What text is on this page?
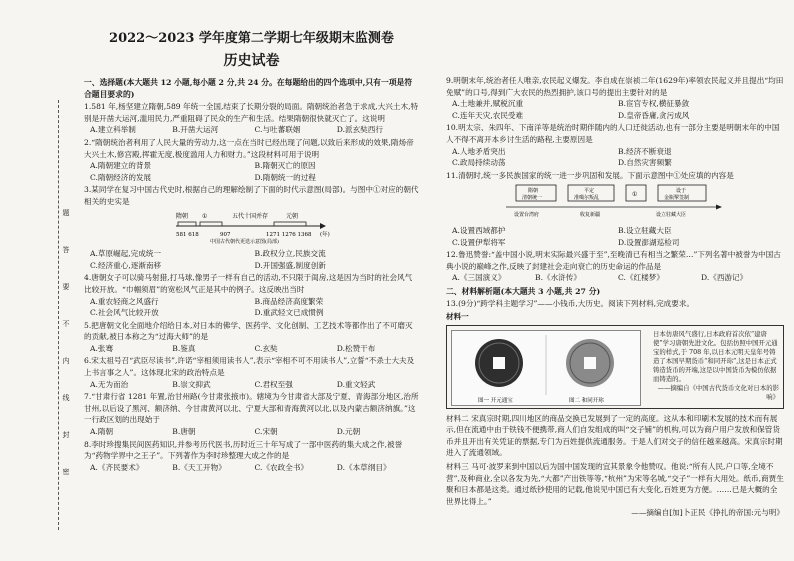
题
答
要
不
内
线
封
密
2022～2023 学年度第二学期七年级期末监测卷
历史试卷
一、选择题(本大题共 12 小题,每小题 2 分,共 24 分。在每题给出的四个选项中,只有一项是符合题目要求的)
1.581 年,杨坚建立隋朝,589 年统一全国,结束了长期分裂的局面。隋朝统治者急于求成,大兴土木,特别是开凿大运河,滥用民力,严重阻碍了民众的生产和生活。结果隋朝很快就灭亡了。这说明
A.建立科举制	B.开凿大运河	C.与吐蕃联姻	D.派玄奘西行
2.“隋朝统治者利用了人民大量的劳动力,这一点在当时已经出现了问题,以致后来形成的效果,隋炀帝大兴土木,修宫殿,挥霍无度,极度滥用人力和财力。”这段材料可用于说明
A.隋朝建立的背景	B.隋朝灭亡的原因
C.隋朝经济的发展	D.隋朝统一的过程
3.某同学在复习中国古代史时,根据自己的理解绘制了下面的时代示意图(局部)。与图中①对应的朝代相关的史实是
隋朝 ①	五代十国并存	元朝
581 618	907	1271 1276 1368 (年)
中国古代朝代更迭示意图(局部)
A.草原崛起,完成统一	B.政权分立,民族交流
C.经济重心,逐渐南移	D.开国强盛,制度创新
4.唐朝女子可以骑马射猎,打马球,像男子一样有自己的活动,不只限于闺房,这是因为当时的社会风气比较开放。“巾帼须眉”的宽松风气正是其中的例子。这反映出当时
A.重农轻商之风盛行	B.商品经济高度繁荣
C.社会风气比较开放	D.重武轻文已成惯例
5.把唐朝文化全面地介绍给日本,对日本的佛学、医药学、文化创制、工艺技术等都作出了不可磨灭的贡献,被日本称之为“过海大师”的是
A.张骞	B.鉴真	C.玄奘	D.松赞干布
6.宋太祖号召“武臣尽读书”,许诺“宰相须用读书人”,表示“宰相不可不用读书人”,立誓“不杀士大夫及上书言事之人”。这体现北宋的政治特点是
A.无为而治	B.崇文抑武	C.君权至强	D.重文轻武
7.“甘肃行省 1281 年置,治甘州路(今甘肃张掖市)。辖境为今甘肃省大部及宁夏、青海部分地区,治所甘州,以后设了黑河、额济纳、今甘肃黄河以北、宁夏大部和青海黄河以北,以及内蒙古额济纳旗。”这一行政区划的出现始于
A.隋朝	B.唐朝	C.宋朝	D.元朝
8.李时珍搜集民间医药知识,并参考历代医书,历时近三十年写成了一部中医药的集大成之作,被誉为“药物学界中之王子”。下列著作为李时珍整理大成之作的是
A.《齐民要术》	B.《天工开物》	C.《农政全书》	D.《本草纲目》
9.明朝末年,统治者任人唯亲,农民起义爆发。李自成在崇祯二年(1629年)率领农民起义并且提出“均田免赋”的口号,得到广大农民的热烈拥护,该口号的提出主要针对的是
A.土地兼并,赋税沉重	B.宦官专权,横征暴敛
C.连年天灾,农民受难	D.皇帝昏庸,贪污成风
10.明太宗、朱四年、下南洋等是统治时期伴随内的人口迁徙活动,也有一部分主要是明朝末年的中国人不得不离开本乡讨生活的路程,主要原因是
A.人地矛盾突出	B.经济不断衰退
C.政局持续动荡	D.自然灾害频繁
11.清朝时,统一多民族国家的统一进一步巩固和发展。下面示意图中①处应填的内容是
隋朝
清朝统一
平定
准噶尔叛乱	①	设于
金瓶掣签制
设置台湾府	收复新疆	设立驻藏大臣
A.设置西域都护	B.设立驻藏大臣
C.设置伊犁将军	D.设置澎湖巡检司
12.鲁迅赞誉:“盖中国小说,明末实际最兴盛于至”,至晚清已有相当之繁荣…”下列名著中被誉为中国古典小说的巅峰之作,反映了封建社会走向衰亡的历史命运的作品是
A.《三国演义》	B.《水浒传》	C.《红楼梦》	D.《西游记》
二、材料解析题(本大题共 3 小题,共 27 分)
13.(9分)“跨学科主题学习”——小钱币,大历史。阅读下列材料,完成要求。
材料一
图一 开元通宝	图二 和同开珎
日本仿唐风气盛行,日本政府首次依“建唐使”学习唐朝先进文化。包括仿照中国开元通宝的样式,于 708 年,以日本元明天皇年号铸造了本国早期货币“和同开珎”,这是日本正式铸造货币的开端,这是以中国货币为模仿依据而铸造的。
——摘编自《中国古代货币文化对日本的影响》
材料二 宋真宗时期,四川地区的商品交换已发展到了一定的高度。这从本和印刷术发展的技术而有展示,但在流通中由于铁钱不便携带,商人们自发组成的叫“交子铺”的机构,可以为商户用户发放和保管货币并且开出有关凭证的票据,专门为百姓提供流通服务。于是人们对交子的信任越来越高。宋真宗时期进入了流通领域。
材料三 马可·波罗来到中国以后为国中国发现的宜其景象令他赞叹。他说:“所有人民,户口等,全境不营”,及种商业,全以各发为先,“大都”产出铁等等,“杭州”为宋等名城,“交子”一样有大用处。纸币,商贾生聚和日本都是这类。通过纸钞使用的记载,他说见中国已有大变化,百姓更为方便。……已是大概的全世界比得上。”
——摘编自[加]卜正民《挣扎的帝国:元与明》
